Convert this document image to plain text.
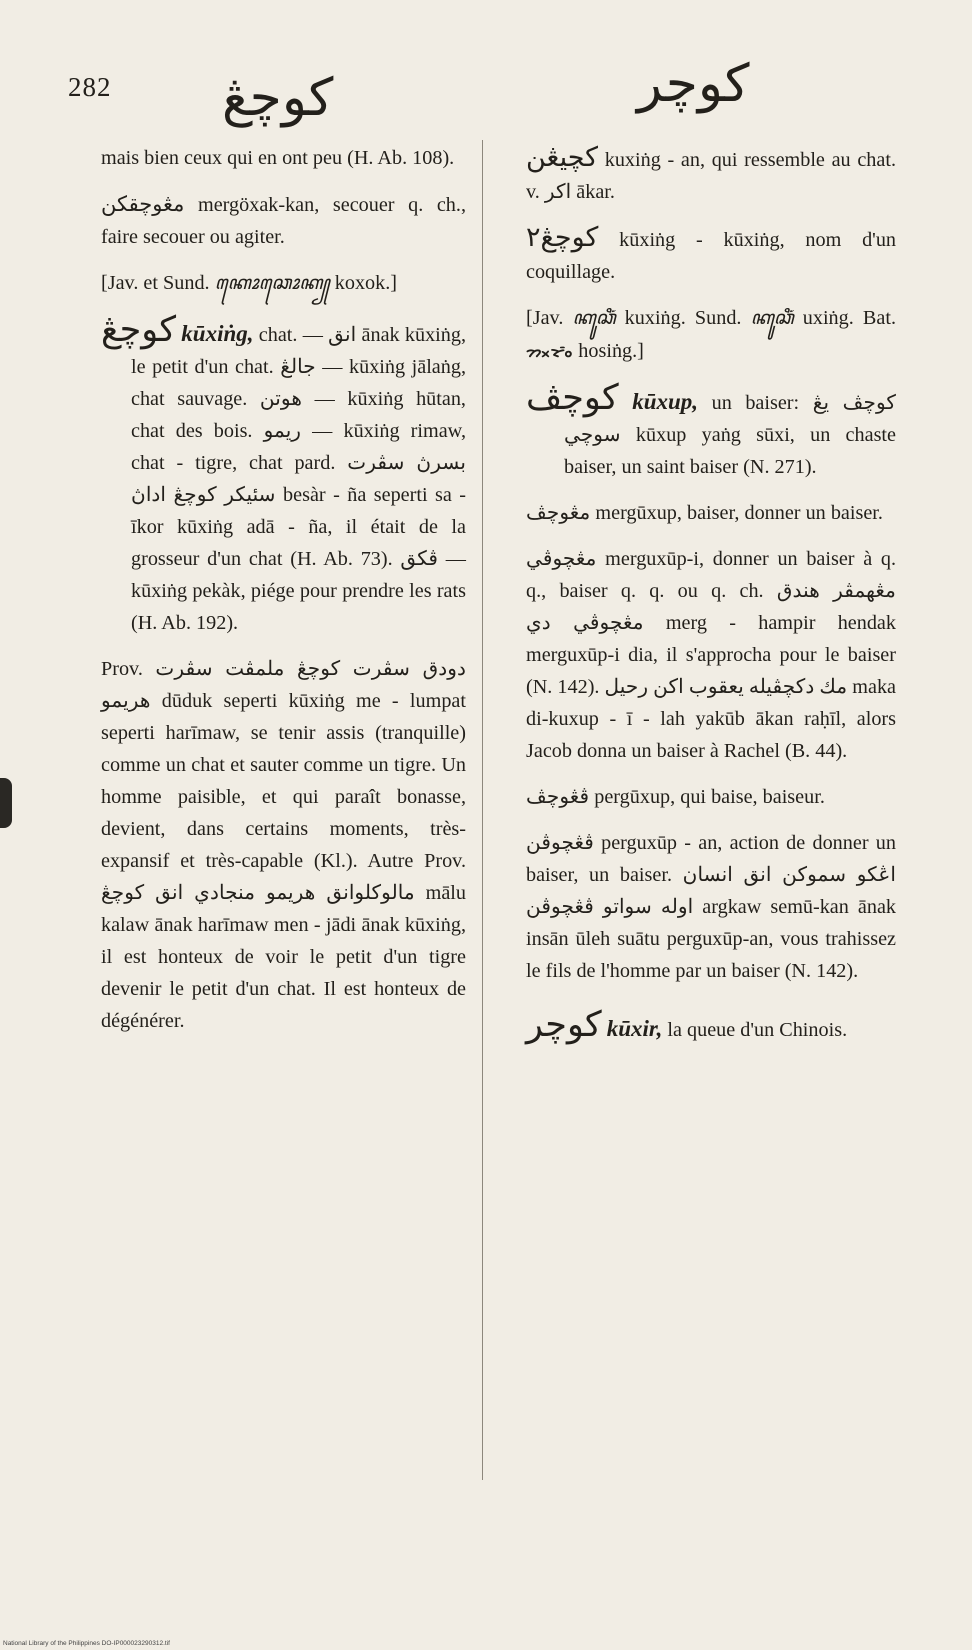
282 كوچڠ	كوچر

mais bien ceux qui en ont peu (H. Ab. 108).

مڠوچقكن mergöxak-kan, secouer q. ch., faire secouer ou agiter.

[Jav. et Sund. ꦏꦺꦴꦕꦺꦴꦏ꧀ koxok.]

كوچڠ kūxiṅg, chat. — انق ānak kūxiṅg, le petit d'un chat. جالڠ — kūxiṅg jālaṅg, chat sauvage. هوتن — kūxiṅg hūtan, chat des bois. ريمو — kūxiṅg rimaw, chat - tigre, chat pard. بسرڽ سڤرت سئيكر كوچڠ اداڽ besàr - ña seperti sa - īkor kūxiṅg adā - ña, il était de la grosseur d'un chat (H. Ab. 73). ڤكق — kūxiṅg pekàk, piége pour prendre les rats (H. Ab. 192).

Prov. دودق سڤرت كوچڠ ملمڤت سڤرت هريمو dūduk seperti kūxiṅg me - lumpat seperti harīmaw, se tenir assis (tranquille) comme un chat et sauter comme un tigre. Un homme paisible, et qui paraît bonasse, devient, dans certains moments, très-expansif et très-capable (Kl.). Autre Prov. مالوكلوانق هريمو منجادي انق كوچڠ mālu kalaw ānak harīmaw men - jādi ānak kūxiṅg, il est honteux de voir le petit d'un tigre devenir le petit d'un chat. Il est honteux de dégénérer.

كچيڠن kuxiṅg - an, qui ressemble au chat. v. اكر ākar.

كوچڠ٢ kūxiṅg - kūxiṅg, nom d'un coquillage.

[Jav. ꦏꦸꦕꦶꦁ kuxiṅg. Sund. ꦏꦸꦕꦶꦁ uxiṅg. Bat. ᯂᯬᯘᯪᯰ hosiṅg.]

كوچڤ kūxup, un baiser: كوچڤ يڠ سوچي kūxup yaṅg sūxi, un chaste baiser, un saint baiser (N. 271).

مڠوچڤ mergūxup, baiser, donner un baiser.

مڠچوڤي merguxūp-i, donner un baiser à q. q., baiser q. q. ou q. ch. مڠهمڤر هندق مڠچوڤي دي merg - hampir hendak merguxūp-i dia, il s'approcha pour le baiser (N. 142). مك دكچڤيله يعقوب اكن رحيل maka di-kuxup - ī - lah yakūb ākan raḥīl, alors Jacob donna un baiser à Rachel (B. 44).

ڤڠوچڤ pergūxup, qui baise, baiseur.

ڤڠچوڤن perguxūp - an, action de donner un baiser, un baiser. اڠكو سموكن انق انسان اوله سواتو ڤڠچوڤن argkaw semū-kan ānak insān ūleh suātu perguxūp-an, vous trahissez le fils de l'homme par un baiser (N. 142).

كوچر kūxir, la queue d'un Chinois.

National Library of the Philippines DO-IP000023290312.tif
